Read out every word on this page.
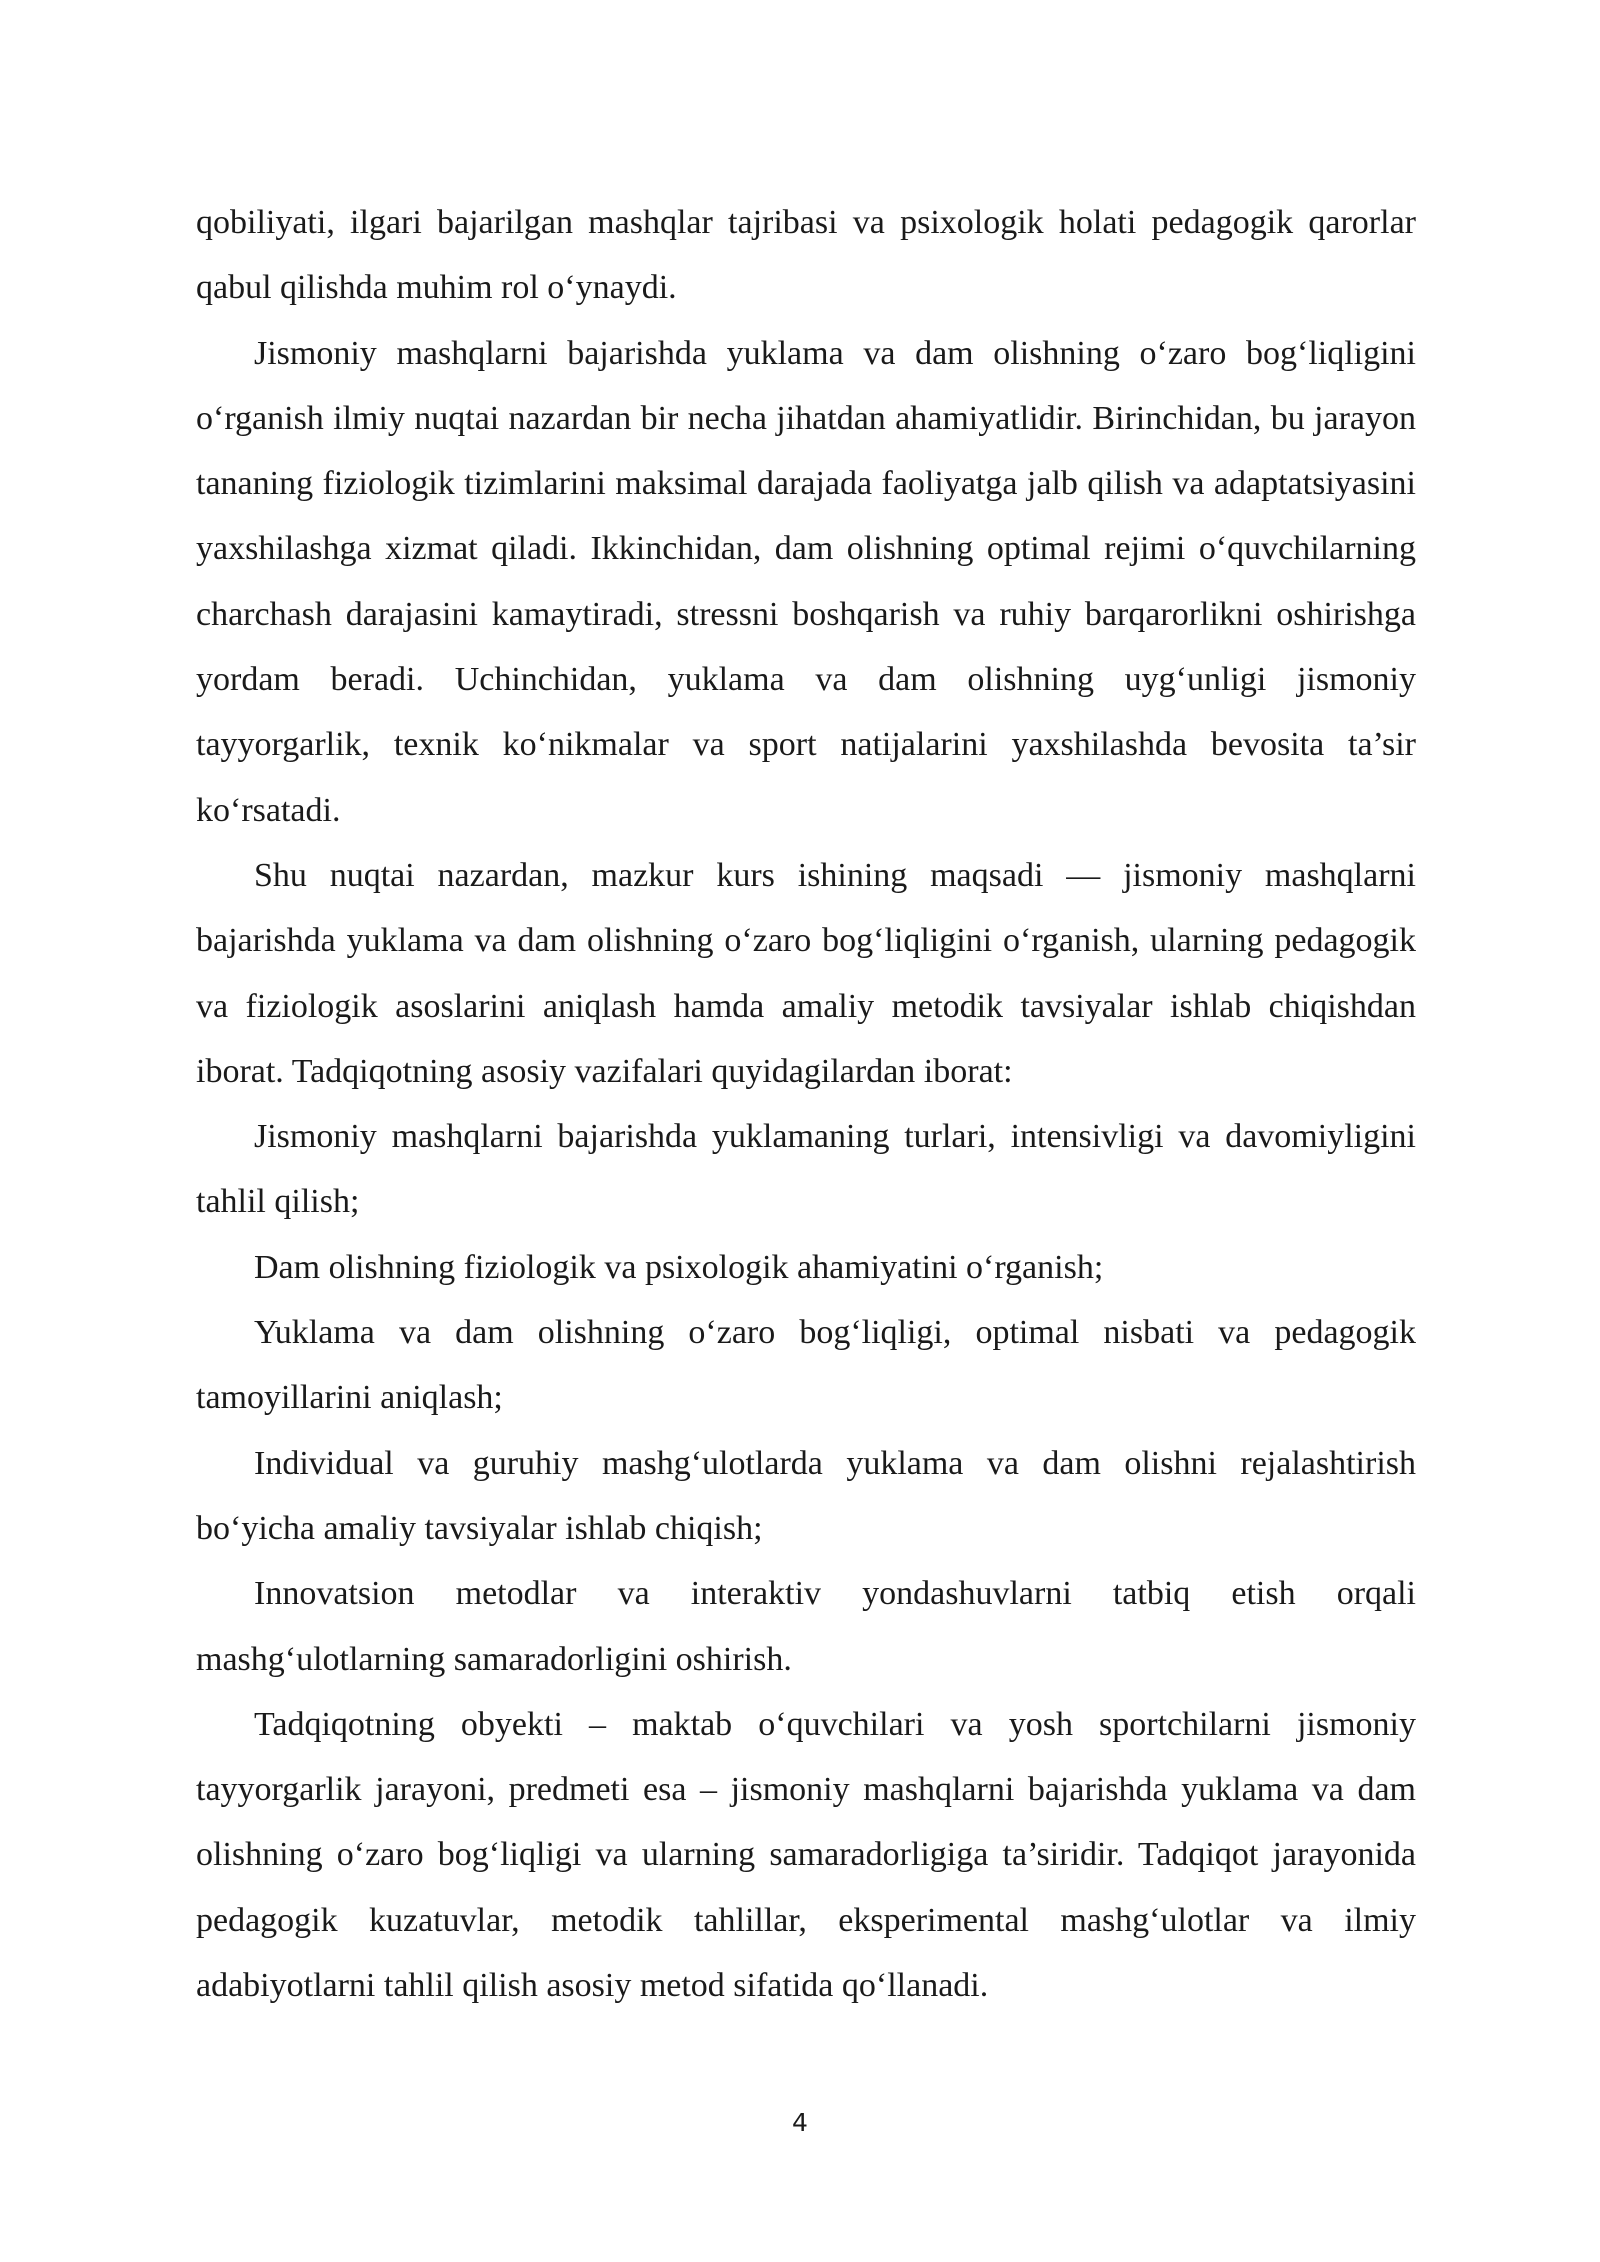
qobiliyati, ilgari bajarilgan mashqlar tajribasi va psixologik holati pedagogik qarorlar qabul qilishda muhim rol o‘ynaydi.

Jismoniy mashqlarni bajarishda yuklama va dam olishning o‘zaro bog‘liqligini o‘rganish ilmiy nuqtai nazardan bir necha jihatdan ahamiyatlidir. Birinchidan, bu jarayon tananing fiziologik tizimlarini maksimal darajada faoliyatga jalb qilish va adaptatsiyasini yaxshilashga xizmat qiladi. Ikkinchidan, dam olishning optimal rejimi o‘quvchilarning charchash darajasini kamaytiradi, stressni boshqarish va ruhiy barqarorlikni oshirishga yordam beradi. Uchinchidan, yuklama va dam olishning uyg‘unligi jismoniy tayyorgarlik, texnik ko‘nikmalar va sport natijalarini yaxshilashda bevosita ta’sir ko‘rsatadi.

Shu nuqtai nazardan, mazkur kurs ishining maqsadi — jismoniy mashqlarni bajarishda yuklama va dam olishning o‘zaro bog‘liqligini o‘rganish, ularning pedagogik va fiziologik asoslarini aniqlash hamda amaliy metodik tavsiyalar ishlab chiqishdan iborat. Tadqiqotning asosiy vazifalari quyidagilardan iborat:

Jismoniy mashqlarni bajarishda yuklamaning turlari, intensivligi va davomiyligini tahlil qilish;

Dam olishning fiziologik va psixologik ahamiyatini o‘rganish;

Yuklama va dam olishning o‘zaro bog‘liqligi, optimal nisbati va pedagogik tamoyillarini aniqlash;

Individual va guruhiy mashg‘ulotlarda yuklama va dam olishni rejalashtirish bo‘yicha amaliy tavsiyalar ishlab chiqish;

Innovatsion metodlar va interaktiv yondashuvlarni tatbiq etish orqali mashg‘ulotlarning samaradorligini oshirish.

Tadqiqotning obyekti – maktab o‘quvchilari va yosh sportchilarni jismoniy tayyorgarlik jarayoni, predmeti esa – jismoniy mashqlarni bajarishda yuklama va dam olishning o‘zaro bog‘liqligi va ularning samaradorligiga ta’siridir. Tadqiqot jarayonida pedagogik kuzatuvlar, metodik tahlillar, eksperimental mashg‘ulotlar va ilmiy adabiyotlarni tahlil qilish asosiy metod sifatida qo‘llanadi.

4
